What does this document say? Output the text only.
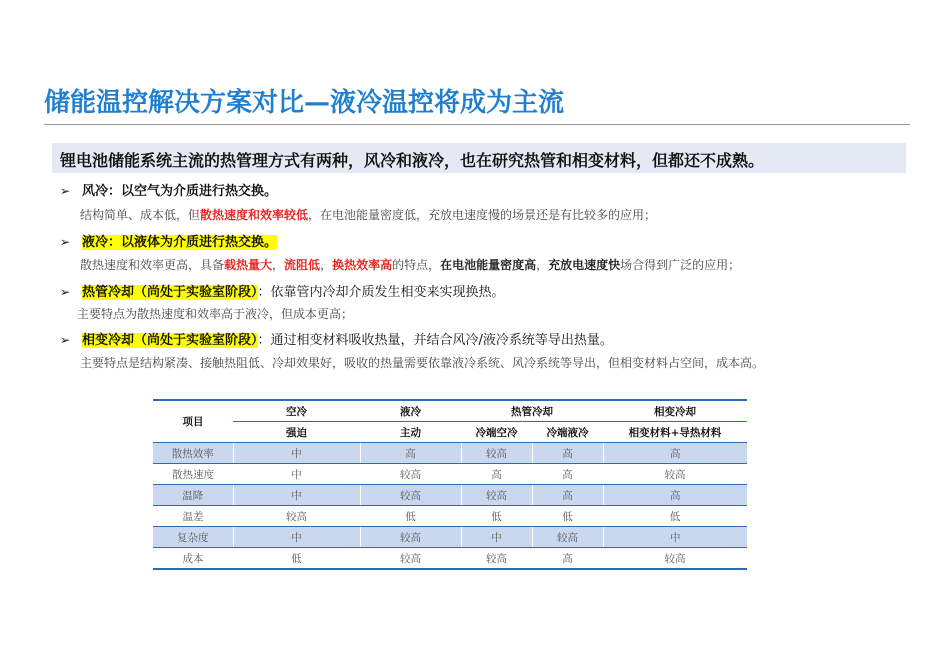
储能温控解决方案对比—液冷温控将成为主流
锂电池储能系统主流的热管理方式有两种，风冷和液冷，也在研究热管和相变材料，但都还不成熟。
➢ 风冷：以空气为介质进行热交换。
结构简单、成本低，但散热速度和效率较低，在电池能量密度低，充放电速度慢的场景还是有比较多的应用；
➢ 液冷：以液体为介质进行热交换。
散热速度和效率更高，具备载热量大，流阻低，换热效率高的特点，在电池能量密度高，充放电速度快场合得到广泛的应用；
➢ 热管冷却（尚处于实验室阶段）：依靠管内冷却介质发生相变来实现换热。
主要特点为散热速度和效率高于液冷，但成本更高；
➢ 相变冷却（尚处于实验室阶段）：通过相变材料吸收热量，并结合风冷/液冷系统等导出热量。
主要特点是结构紧凑、接触热阻低、冷却效果好，吸收的热量需要依靠液冷系统、风冷系统等导出，但相变材料占空间，成本高。
项目	空冷	液冷	热管冷却		相变冷却
	强迫	主动	冷端空冷	冷端液冷	相变材料+导热材料
散热效率	中	高	较高	高	高
散热速度	中	较高	高	高	较高
温降	中	较高	较高	高	高
温差	较高	低	低	低	低
复杂度	中	较高	中	较高	中
成本	低	较高	较高	高	较高
